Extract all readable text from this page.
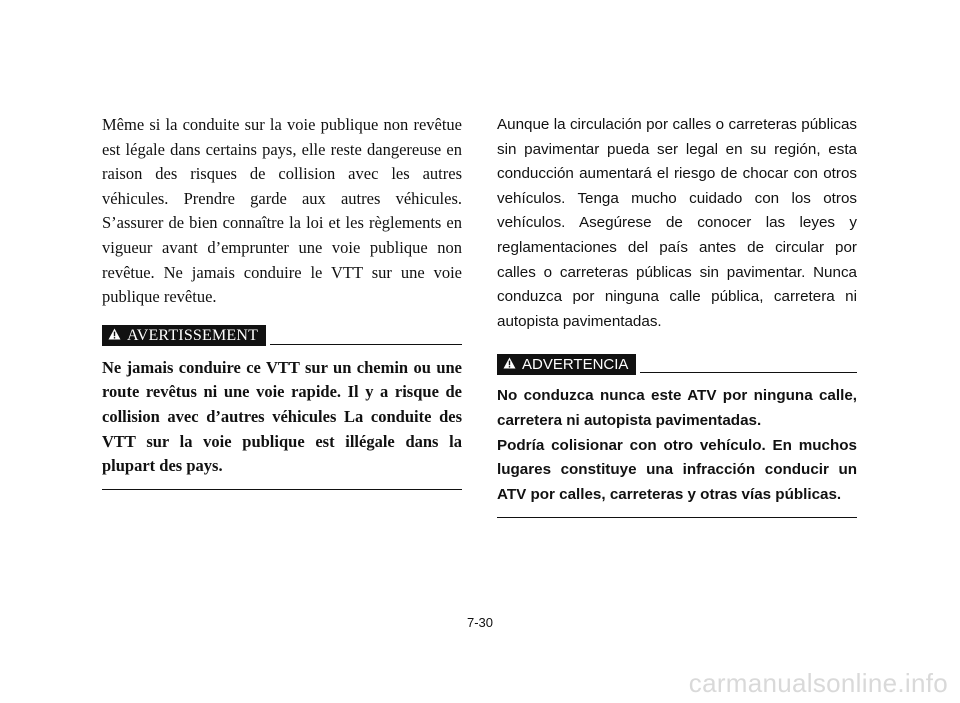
Même si la conduite sur la voie publique non revêtue est légale dans certains pays, elle reste dangereuse en raison des risques de collision avec les autres véhicules. Prendre garde aux autres véhicules. S’assurer de bien connaître la loi et les règlements en vigueur avant d’emprunter une voie publique non revêtue. Ne jamais conduire le VTT sur une voie publique revêtue.

AVERTISSEMENT

Ne jamais conduire ce VTT sur un chemin ou une route revêtus ni une voie rapide. Il y a risque de collision avec d’autres véhicules La conduite des VTT sur la voie publique est illégale dans la plupart des pays.

Aunque la circulación por calles o carreteras públicas sin pavimentar pueda ser legal en su región, esta conducción aumentará el riesgo de chocar con otros vehículos. Tenga mucho cuidado con los otros vehículos. Asegúrese de conocer las leyes y reglamentaciones del país antes de circular por calles o carreteras públicas sin pavimentar. Nunca conduzca por ninguna calle pública, carretera ni autopista pavimentadas.

ADVERTENCIA

No conduzca nunca este ATV por ninguna calle, carretera ni autopista pavimentadas.

Podría colisionar con otro vehículo. En muchos lugares constituye una infracción conducir un ATV por calles, carreteras y otras vías públicas.

7-30
carmanualsonline.info
